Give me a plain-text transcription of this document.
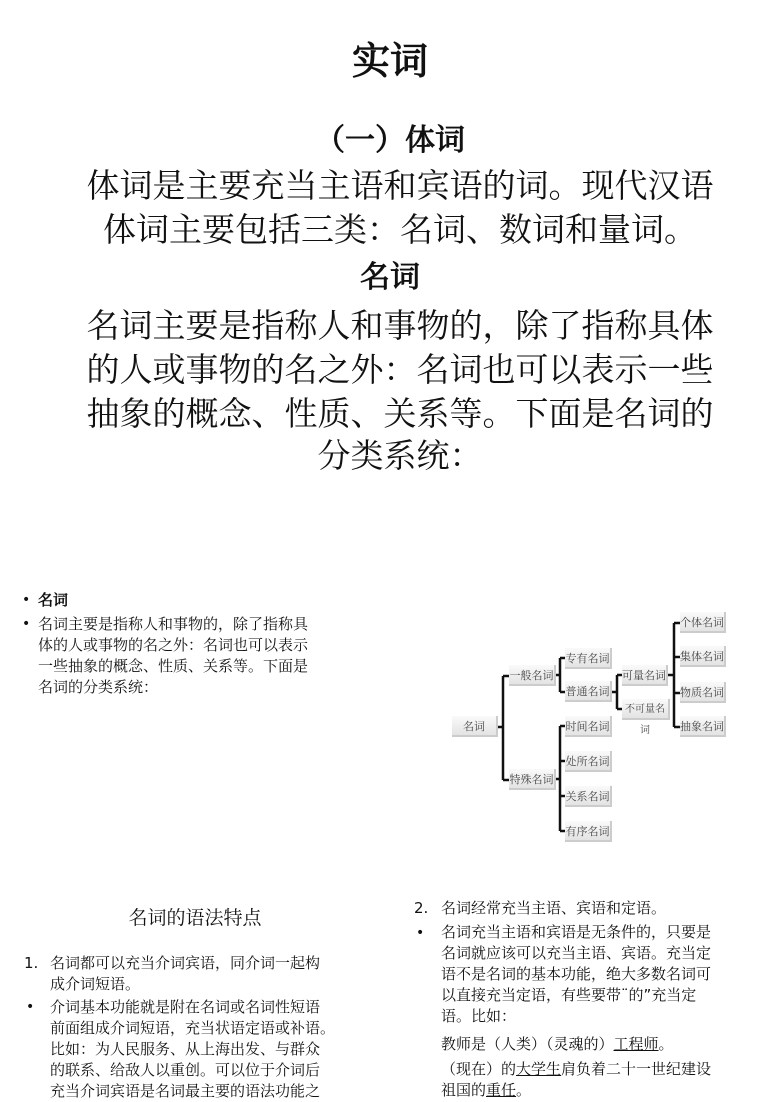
实词
（一）体词
体词是主要充当主语和宾语的词。现代汉语
体词主要包括三类：名词、数词和量词。
名词
名词主要是指称人和事物的，除了指称具体
的人或事物的名之外：名词也可以表示一些
抽象的概念、性质、关系等。下面是名词的
分类系统：
• 名词
• 名词主要是指称人和事物的，除了指称具
体的人或事物的名之外：名词也可以表示
一些抽象的概念、性质、关系等。下面是
名词的分类系统：
名词
一般名词
特殊名词
专有名词
普通名词
可量名词
不可量名词
个体名词
集体名词
物质名词
抽象名词
时间名词
处所名词
关系名词
有序名词
名词的语法特点
1. 名词都可以充当介词宾语，同介词一起构
成介词短语。
• 介词基本功能就是附在名词或名词性短语
前面组成介词短语，充当状语定语或补语。
比如：为人民服务、从上海出发、与群众
的联系、给敌人以重创。可以位于介词后
充当介词宾语是名词最主要的语法功能之
2. 名词经常充当主语、宾语和定语。
• 名词充当主语和宾语是无条件的，只要是
名词就应该可以充当主语、宾语。充当定
语不是名词的基本功能，绝大多数名词可
以直接充当定语，有些要带¨的”充当定
语。比如：
教师是（人类）（灵魂的）工程师。
（现在）的大学生肩负着二十一世纪建设
祖国的重任。
